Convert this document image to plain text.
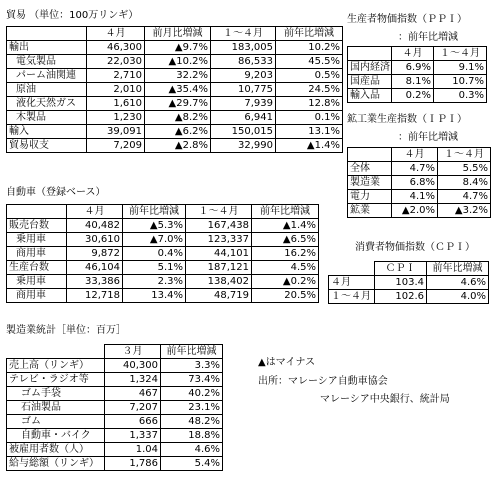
貿易 （単位：100万リンギ）
	４月	前月比増減	１～４月	前年比増減
輸出	46,300	▲9.7%	183,005	10.2%
電気製品	22,030	▲10.2%	86,533	45.5%
パーム油関連	2,710	32.2%	9,203	0.5%
原油	2,010	▲35.4%	10,775	24.5%
液化天然ガス	1,610	▲29.7%	7,939	12.8%
木製品	1,230	▲8.2%	6,941	0.1%
輸入	39,091	▲6.2%	150,015	13.1%
貿易収支	7,209	▲2.8%	32,990	▲1.4%
自動車（登録ベース）
	４月	前年比増減	１～４月	前年比増減
販売台数	40,482	▲5.3%	167,438	▲1.4%
乗用車	30,610	▲7.0%	123,337	▲6.5%
商用車	9,872	0.4%	44,101	16.2%
生産台数	46,104	5.1%	187,121	4.5%
乗用車	33,386	2.3%	138,402	▲0.2%
商用車	12,718	13.4%	48,719	20.5%
製造業統計［単位：百万］
	３月	前年比増減
売上高（リンギ）	40,300	3.3%
テレビ・ラジオ等	1,324	73.4%
ゴム手袋	467	40.2%
石油製品	7,207	23.1%
ゴム	666	48.2%
自動車・バイク	1,337	18.8%
被雇用者数（人）	1.04	4.6%
給与総額（リンギ）	1,786	5.4%
生産者物価指数（ＰＰＩ）
：前年比増減
	４月	１～４月
国内経済	6.9%	9.1%
国産品	8.1%	10.7%
輸入品	0.2%	0.3%
鉱工業生産指数（ＩＰＩ）
：前年比増減
	４月	１～４月
全体	4.7%	5.5%
製造業	6.8%	8.4%
電力	4.1%	4.7%
鉱業	▲2.0%	▲3.2%
消費者物価指数（ＣＰＩ）
	ＣＰＩ	前年比増減
４月	103.4	4.6%
１～４月	102.6	4.0%
▲はマイナス
出所：マレーシア自動車協会
マレーシア中央銀行、統計局
